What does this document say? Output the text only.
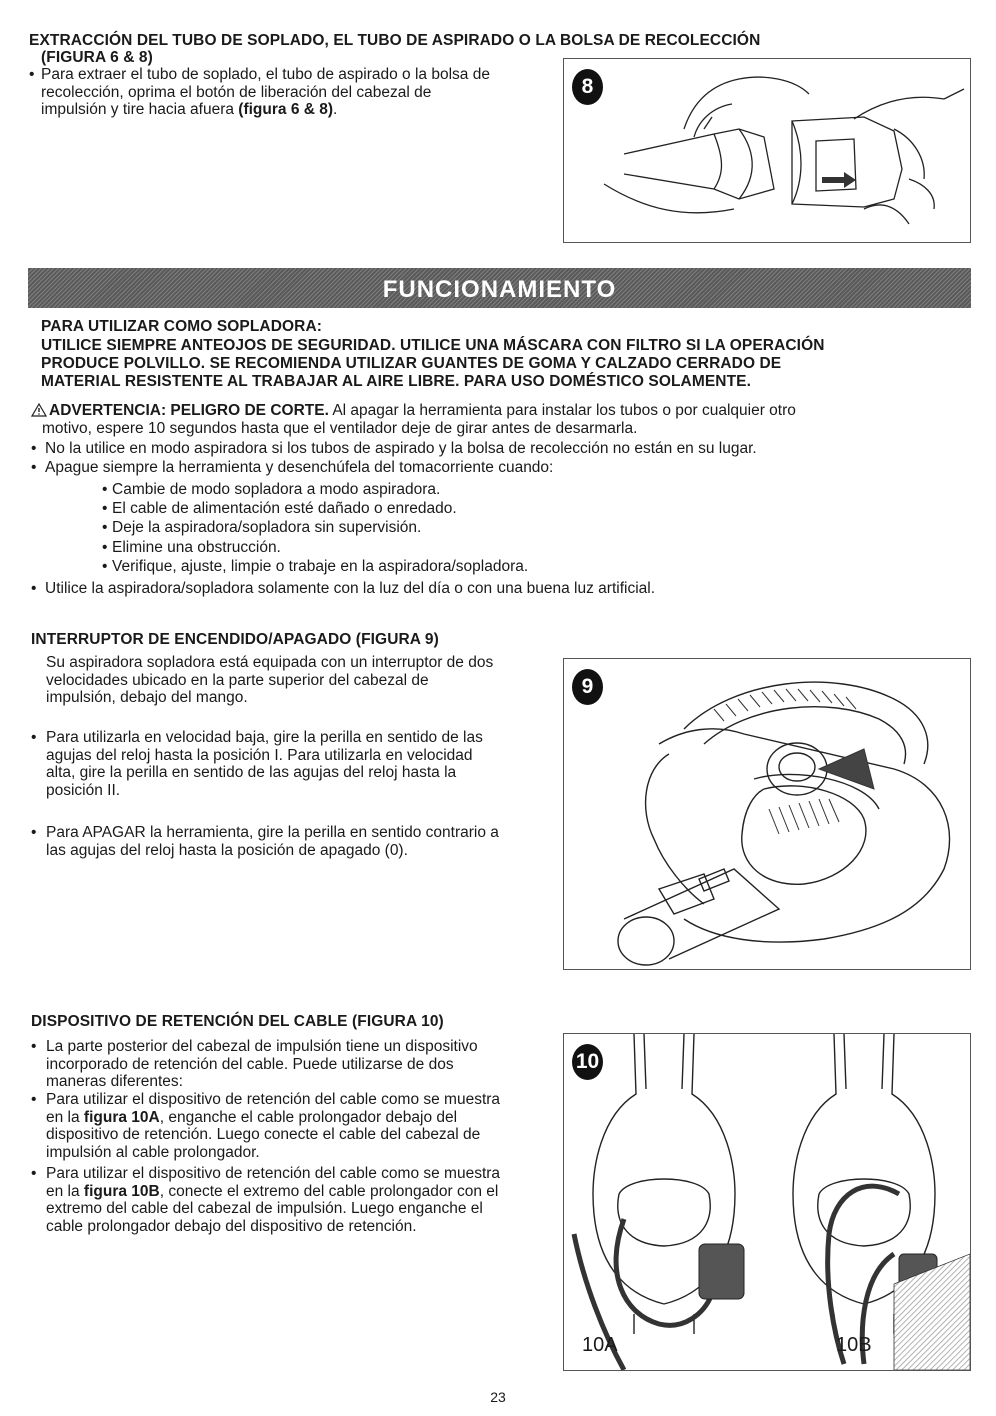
EXTRACCIÓN DEL TUBO DE SOPLADO, EL TUBO DE ASPIRADO O LA BOLSA DE RECOLECCIÓN
(FIGURA 6 & 8)
• Para extraer el tubo de soplado, el tubo de aspirado o la bolsa de
recolección, oprima el botón de liberación del cabezal de
impulsión y tire hacia afuera (figura 6 & 8).
8
FUNCIONAMIENTO
PARA UTILIZAR COMO SOPLADORA:
UTILICE SIEMPRE ANTEOJOS DE SEGURIDAD. UTILICE UNA MÁSCARA CON FILTRO SI LA OPERACIÓN
PRODUCE POLVILLO. SE RECOMIENDA UTILIZAR GUANTES DE GOMA Y CALZADO CERRADO DE
MATERIAL RESISTENTE AL TRABAJAR AL AIRE LIBRE. PARA USO DOMÉSTICO SOLAMENTE.
ADVERTENCIA: PELIGRO DE CORTE. Al apagar la herramienta para instalar los tubos o por cualquier otro
motivo, espere 10 segundos hasta que el ventilador deje de girar antes de desarmarla.
• No la utilice en modo aspiradora si los tubos de aspirado y la bolsa de recolección no están en su lugar.
• Apague siempre la herramienta y desenchúfela del tomacorriente cuando:
• Cambie de modo sopladora a modo aspiradora.
• El cable de alimentación esté dañado o enredado.
• Deje la aspiradora/sopladora sin supervisión.
• Elimine una obstrucción.
• Verifique, ajuste, limpie o trabaje en la aspiradora/sopladora.
• Utilice la aspiradora/sopladora solamente con la luz del día o con una buena luz artificial.
INTERRUPTOR DE ENCENDIDO/APAGADO (FIGURA 9)
Su aspiradora sopladora está equipada con un interruptor de dos
velocidades ubicado en la parte superior del cabezal de
impulsión, debajo del mango.
• Para utilizarla en velocidad baja, gire la perilla en sentido de las
agujas del reloj hasta la posición I. Para utilizarla en velocidad
alta, gire la perilla en sentido de las agujas del reloj hasta la
posición II.
• Para APAGAR la herramienta, gire la perilla en sentido contrario a
las agujas del reloj hasta la posición de apagado (0).
9
DISPOSITIVO DE RETENCIÓN DEL CABLE (FIGURA 10)
• La parte posterior del cabezal de impulsión tiene un dispositivo
incorporado de retención del cable. Puede utilizarse de dos
maneras diferentes:
• Para utilizar el dispositivo de retención del cable como se muestra
en la figura 10A, enganche el cable prolongador debajo del
dispositivo de retención. Luego conecte el cable del cabezal de
impulsión al cable prolongador.
• Para utilizar el dispositivo de retención del cable como se muestra
en la figura 10B, conecte el extremo del cable prolongador con el
extremo del cable del cabezal de impulsión. Luego enganche el
cable prolongador debajo del dispositivo de retención.
10
10A	10B
23
